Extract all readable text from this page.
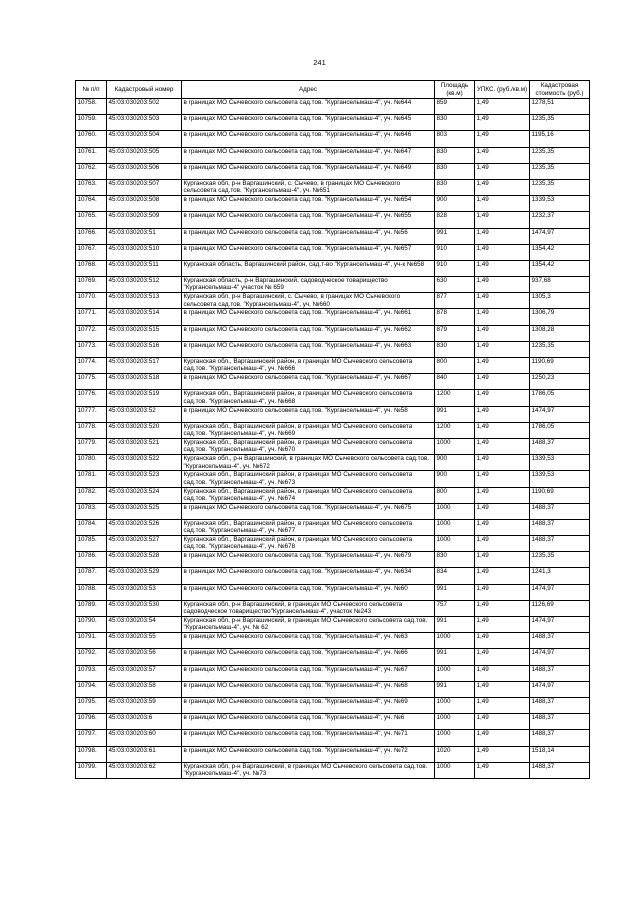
241
№ п/п	Кадастровый номер	Адрес	Площадь (кв.м)	УПКС. (руб./кв.м)	Кадастровая стоимость (руб.)
10758.	45:03:030203:502	в границах МО Сычевского сельсовета сад.тов. "Кургансельмаш-4", уч. №644	859	1,49	1278,51
10759.	45:03:030203:503	в границах МО Сычевского сельсовета сад.тов. "Кургансельмаш-4", уч. №645	830	1,49	1235,35
10760.	45:03:030203:504	в границах МО Сычевского сельсовета сад.тов. "Кургансельмаш-4", уч. №646	803	1,49	1195,16
10761.	45:03:030203:505	в границах МО Сычевского сельсовета сад.тов. "Кургансельмаш-4", уч. №647	830	1,49	1235,35
10762.	45:03:030203:506	в границах МО Сычевского сельсовета сад.тов. "Кургансельмаш-4", уч. №649	830	1,49	1235,35
10763.	45:03:030203:507	Курганская обл, р-н Варгашинский, с. Сычево, в границах МО Сычевского сельсовета сад.тов. "Кургансельмаш-4", уч. №651	830	1,49	1235,35
10764.	45:03:030203:508	в границах МО Сычевского сельсовета сад.тов. "Кургансельмаш-4", уч. №654	900	1,49	1339,53
10765.	45:03:030203:509	в границах МО Сычевского сельсовета сад.тов. "Кургансельмаш-4", уч. №655	828	1,49	1232,37
10766.	45:03:030203:51	в границах МО Сычевского сельсовета сад.тов. "Кургансельмаш-4", уч. №56	991	1,49	1474,97
10767.	45:03:030203:510	в границах МО Сычевского сельсовета сад.тов. "Кургансельмаш-4", уч. №657	910	1,49	1354,42
10768.	45:03:030203:511	Курганская область, Варгашинский район, сад.т-во "Кургансельмаш-4", уч-к №658	910	1,49	1354,42
10769.	45:03:030203:512	Курганская область, р-н Варгашинский, садоводческое товарищество "Кургансельмаш-4" участок № 659	630	1,49	937,68
10770.	45:03:030203:513	Курганская обл, р-н Варгашинский, с. Сычево, в границах МО Сычевского сельсовета сад.тов. "Кургансельмаш-4", уч. №660	877	1,49	1305,3
10771.	45:03:030203:514	в границах МО Сычевского сельсовета сад.тов. "Кургансельмаш-4", уч. №661	878	1,49	1306,79
10772.	45:03:030203:515	в границах МО Сычевского сельсовета сад.тов. "Кургансельмаш-4", уч. №662	879	1,49	1308,28
10773.	45:03:030203:516	в границах МО Сычевского сельсовета сад.тов. "Кургансельмаш-4", уч. №663	830	1,49	1235,35
10774.	45:03:030203:517	Курганская обл., Варгашинский район, в границах МО Сычевского сельсовета сад.тов. "Кургансельмаш-4", уч. №666	800	1,49	1190,69
10775.	45:03:030203:518	в границах МО Сычевского сельсовета сад.тов. "Кургансельмаш-4", уч. №667	840	1,49	1250,23
10776.	45:03:030203:519	Курганская обл., Варгашинский район, в границах МО Сычевского сельсовета сад.тов. "Кургансельмаш-4", уч. №668	1200	1,49	1786,05
10777.	45:03:030203:52	в границах МО Сычевского сельсовета сад.тов. "Кургансельмаш-4", уч. №58	991	1,49	1474,97
10778.	45:03:030203:520	Курганская обл., Варгашинский район, в границах МО Сычевского сельсовета сад.тов. "Кургансельмаш-4", уч. №669	1200	1,49	1786,05
10779.	45:03:030203:521	Курганская обл., Варгашинский район, в границах МО Сычевского сельсовета сад.тов. "Кургансельмаш-4", уч. №670	1000	1,49	1488,37
10780.	45:03:030203:522	Курганская обл., р-н Варгашинский, в границах МО Сычевского сельсовета сад.тов. "Кургансельмаш-4", уч. №672	900	1,49	1339,53
10781.	45:03:030203:523	Курганская обл., Варгашинский район, в границах МО Сычевского сельсовета сад.тов. "Кургансельмаш-4", уч. №673	900	1,49	1339,53
10782.	45:03:030203:524	Курганская обл., Варгашинский район, в границах МО Сычевского сельсовета сад.тов. "Кургансельмаш-4", уч. №674	800	1,49	1190,69
10783.	45:03:030203:525	в границах МО Сычевского сельсовета сад.тов. "Кургансельмаш-4", уч. №675	1000	1,49	1488,37
10784.	45:03:030203:526	Курганская обл., Варгашинский район, в границах МО Сычевского сельсовета сад.тов. "Кургансельмаш-4", уч. №677	1000	1,49	1488,37
10785.	45:03:030203:527	Курганская обл., Варгашинский район, в границах МО Сычевского сельсовета сад.тов. "Кургансельмаш-4", уч. №678	1000	1,49	1488,37
10786.	45:03:030203:528	в границах МО Сычевского сельсовета сад.тов. "Кургансельмаш-4", уч. №679	830	1,49	1235,35
10787.	45:03:030203:529	в границах МО Сычевского сельсовета сад.тов. "Кургансельмаш-4", уч. №634	834	1,49	1241,3
10788.	45:03:030203:53	в границах МО Сычевского сельсовета сад.тов. "Кургансельмаш-4", уч. №60	991	1,49	1474,97
10789.	45:03:030203:530	Курганская обл, р-н Варгашинский, в границах МО Сычевского сельсовета садоводческое товарищество"Кургансельмаш-4", участок №243	757	1,49	1126,69
10790.	45:03:030203:54	Курганская обл, р-н Варгашинский, в границах МО Сычевского сельсовета сад.тов. "Кургансельмаш-4", уч. № 62	991	1,49	1474,97
10791.	45:03:030203:55	в границах МО Сычевского сельсовета сад.тов. "Кургансельмаш-4", уч. №63	1000	1,49	1488,37
10792.	45:03:030203:56	в границах МО Сычевского сельсовета сад.тов. "Кургансельмаш-4", уч. №66	991	1,49	1474,97
10793.	45:03:030203:57	в границах МО Сычевского сельсовета сад.тов. "Кургансельмаш-4", уч. №67	1000	1,49	1488,37
10794.	45:03:030203:58	в границах МО Сычевского сельсовета сад.тов. "Кургансельмаш-4", уч. №68	991	1,49	1474,97
10795.	45:03:030203:59	в границах МО Сычевского сельсовета сад.тов. "Кургансельмаш-4", уч. №69	1000	1,49	1488,37
10796.	45:03:030203:6	в границах МО Сычевского сельсовета сад.тов. "Кургансельмаш-4", уч. №6	1000	1,49	1488,37
10797.	45:03:030203:60	в границах МО Сычевского сельсовета сад.тов. "Кургансельмаш-4", уч. №71	1000	1,49	1488,37
10798.	45:03:030203:61	в границах МО Сычевского сельсовета сад.тов. "Кургансельмаш-4", уч. №72	1020	1,49	1518,14
10799.	45:03:030203:62	Курганская обл, р-н Варгашинский, в границах МО Сычевского сельсовета сад.тов. "Кургансельмаш-4", уч. №73	1000	1,49	1488,37
